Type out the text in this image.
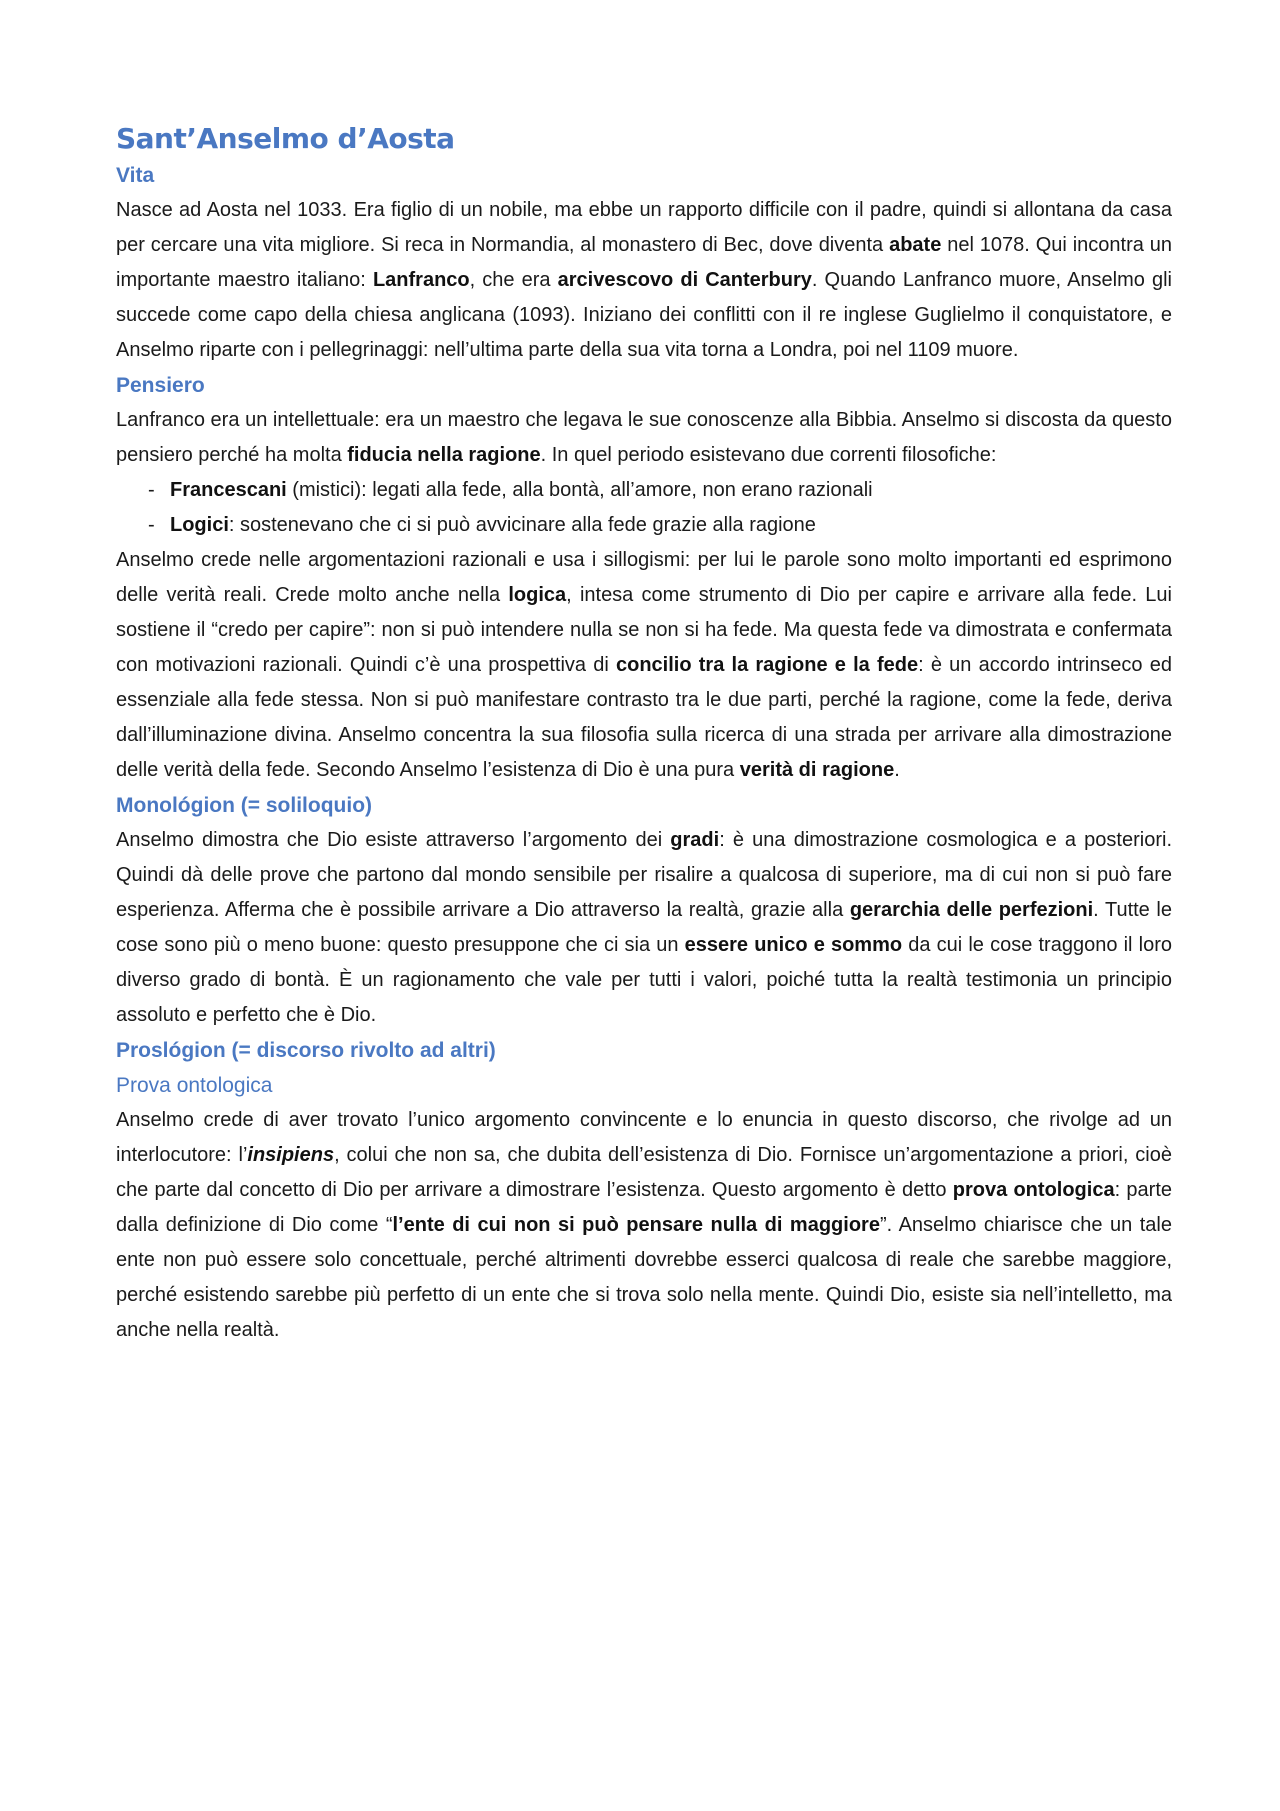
Sant’Anselmo d’Aosta
Vita

Nasce ad Aosta nel 1033. Era figlio di un nobile, ma ebbe un rapporto difficile con il padre, quindi si allontana da casa per cercare una vita migliore. Si reca in Normandia, al monastero di Bec, dove diventa abate nel 1078. Qui incontra un importante maestro italiano: Lanfranco, che era arcivescovo di Canterbury. Quando Lanfranco muore, Anselmo gli succede come capo della chiesa anglicana (1093). Iniziano dei conflitti con il re inglese Guglielmo il conquistatore, e Anselmo riparte con i pellegrinaggi: nell’ultima parte della sua vita torna a Londra, poi nel 1109 muore.

Pensiero

Lanfranco era un intellettuale: era un maestro che legava le sue conoscenze alla Bibbia. Anselmo si discosta da questo pensiero perché ha molta fiducia nella ragione. In quel periodo esistevano due correnti filosofiche:

- Francescani (mistici): legati alla fede, alla bontà, all’amore, non erano razionali
- Logici: sostenevano che ci si può avvicinare alla fede grazie alla ragione

Anselmo crede nelle argomentazioni razionali e usa i sillogismi: per lui le parole sono molto importanti ed esprimono delle verità reali. Crede molto anche nella logica, intesa come strumento di Dio per capire e arrivare alla fede. Lui sostiene il “credo per capire”: non si può intendere nulla se non si ha fede. Ma questa fede va dimostrata e confermata con motivazioni razionali. Quindi c’è una prospettiva di concilio tra la ragione e la fede: è un accordo intrinseco ed essenziale alla fede stessa. Non si può manifestare contrasto tra le due parti, perché la ragione, come la fede, deriva dall’illuminazione divina. Anselmo concentra la sua filosofia sulla ricerca di una strada per arrivare alla dimostrazione delle verità della fede. Secondo Anselmo l’esistenza di Dio è una pura verità di ragione.

Monológion (= soliloquio)

Anselmo dimostra che Dio esiste attraverso l’argomento dei gradi: è una dimostrazione cosmologica e a posteriori. Quindi dà delle prove che partono dal mondo sensibile per risalire a qualcosa di superiore, ma di cui non si può fare esperienza. Afferma che è possibile arrivare a Dio attraverso la realtà, grazie alla gerarchia delle perfezioni. Tutte le cose sono più o meno buone: questo presuppone che ci sia un essere unico e sommo da cui le cose traggono il loro diverso grado di bontà. È un ragionamento che vale per tutti i valori, poiché tutta la realtà testimonia un principio assoluto e perfetto che è Dio.

Proslógion (= discorso rivolto ad altri)
Prova ontologica

Anselmo crede di aver trovato l’unico argomento convincente e lo enuncia in questo discorso, che rivolge ad un interlocutore: l’insipiens, colui che non sa, che dubita dell’esistenza di Dio. Fornisce un’argomentazione a priori, cioè che parte dal concetto di Dio per arrivare a dimostrare l’esistenza. Questo argomento è detto prova ontologica: parte dalla definizione di Dio come “l’ente di cui non si può pensare nulla di maggiore”. Anselmo chiarisce che un tale ente non può essere solo concettuale, perché altrimenti dovrebbe esserci qualcosa di reale che sarebbe maggiore, perché esistendo sarebbe più perfetto di un ente che si trova solo nella mente. Quindi Dio, esiste sia nell’intelletto, ma anche nella realtà.
